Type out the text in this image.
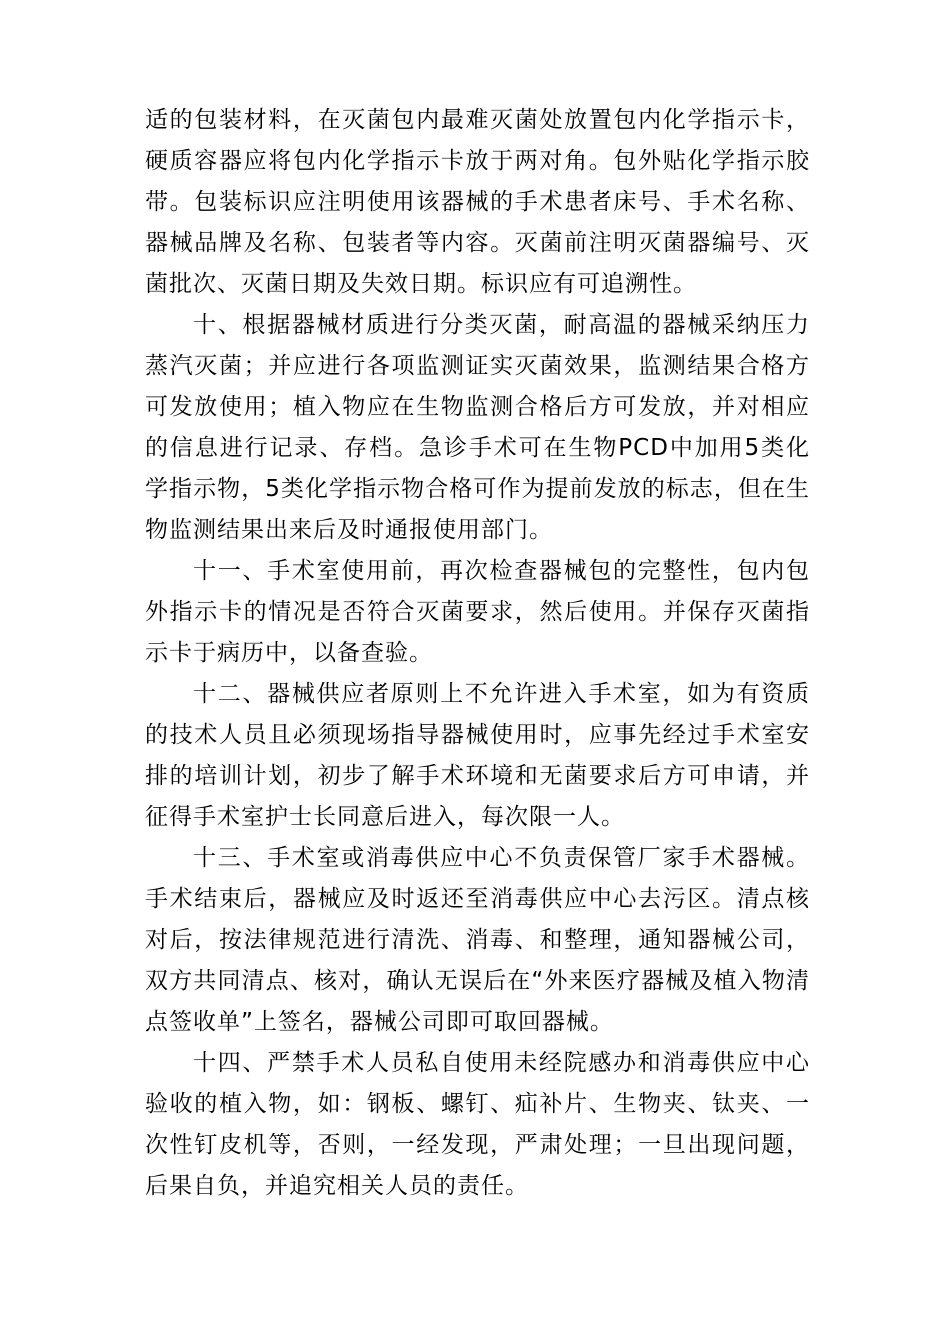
适的包装材料，在灭菌包内最难灭菌处放置包内化学指示卡，硬质容器应将包内化学指示卡放于两对角。包外贴化学指示胶带。包装标识应注明使用该器械的手术患者床号、手术名称、器械品牌及名称、包装者等内容。灭菌前注明灭菌器编号、灭菌批次、灭菌日期及失效日期。标识应有可追溯性。

十、根据器械材质进行分类灭菌，耐高温的器械采纳压力蒸汽灭菌；并应进行各项监测证实灭菌效果，监测结果合格方可发放使用；植入物应在生物监测合格后方可发放，并对相应的信息进行记录、存档。急诊手术可在生物PCD中加用5类化学指示物，5类化学指示物合格可作为提前发放的标志，但在生物监测结果出来后及时通报使用部门。

十一、手术室使用前，再次检查器械包的完整性，包内包外指示卡的情况是否符合灭菌要求，然后使用。并保存灭菌指示卡于病历中，以备查验。

十二、器械供应者原则上不允许进入手术室，如为有资质的技术人员且必须现场指导器械使用时，应事先经过手术室安排的培训计划，初步了解手术环境和无菌要求后方可申请，并征得手术室护士长同意后进入，每次限一人。

十三、手术室或消毒供应中心不负责保管厂家手术器械。手术结束后，器械应及时返还至消毒供应中心去污区。清点核对后，按法律规范进行清洗、消毒、和整理，通知器械公司，双方共同清点、核对，确认无误后在“外来医疗器械及植入物清点签收单”上签名，器械公司即可取回器械。

十四、严禁手术人员私自使用未经院感办和消毒供应中心验收的植入物，如：钢板、螺钉、疝补片、生物夹、钛夹、一次性钉皮机等，否则，一经发现，严肃处理；一旦出现问题，后果自负，并追究相关人员的责任。
